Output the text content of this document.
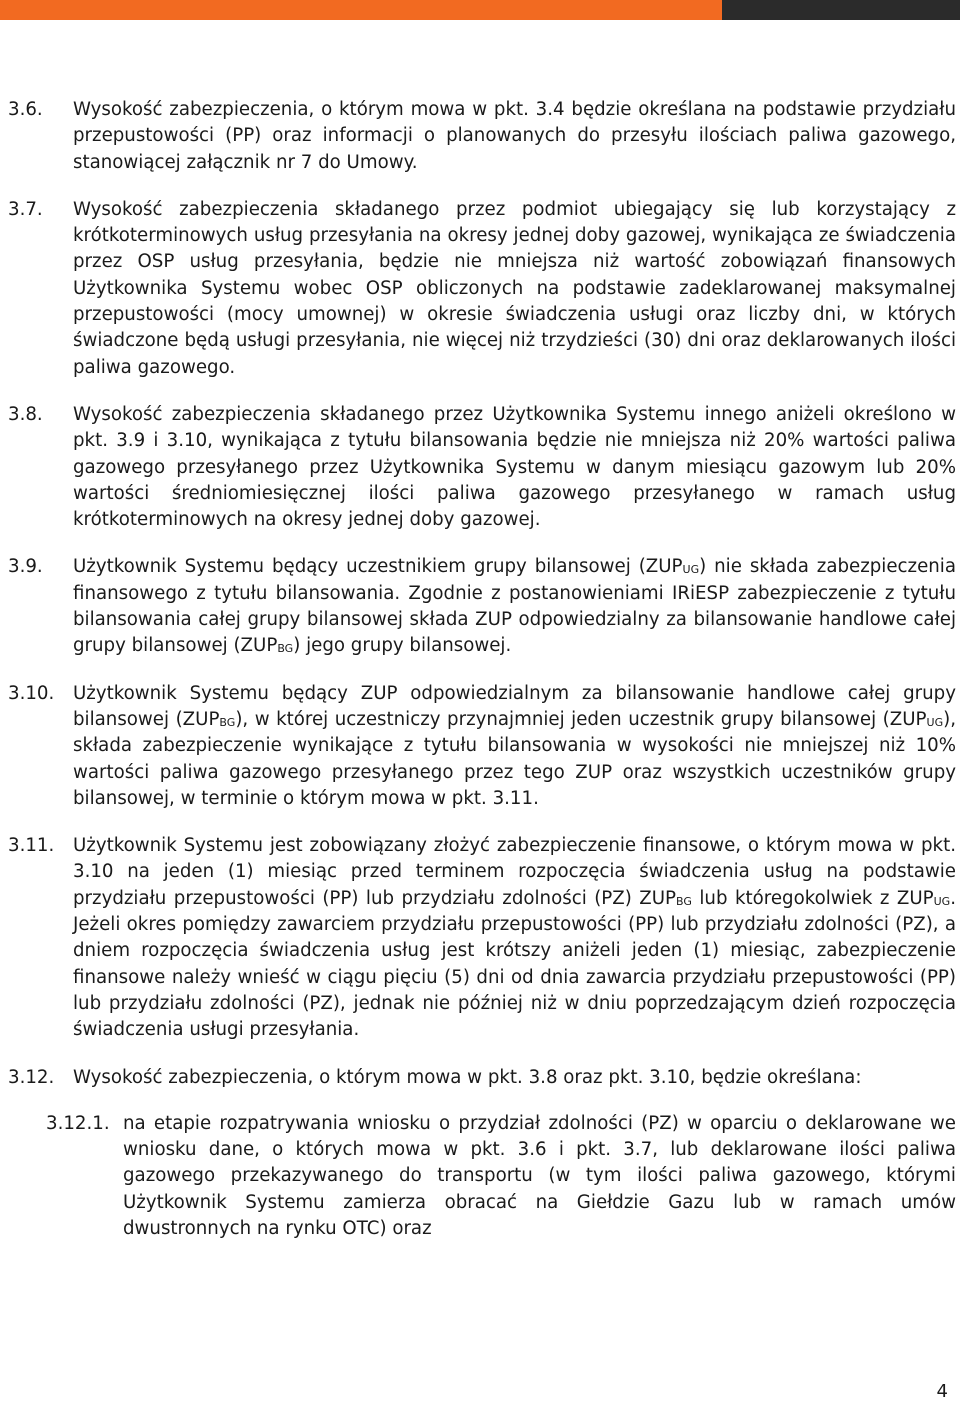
3.6.	Wysokość zabezpieczenia, o którym mowa w pkt. 3.4 będzie określana na podstawie przydziału przepustowości (PP) oraz informacji o planowanych do przesyłu ilościach paliwa gazowego, stanowiącej załącznik nr 7 do Umowy.
3.7.	Wysokość zabezpieczenia składanego przez podmiot ubiegający się lub korzystający z krótkoterminowych usług przesyłania na okresy jednej doby gazowej, wynikająca ze świadczenia przez OSP usług przesyłania, będzie nie mniejsza niż wartość zobowiązań finansowych Użytkownika Systemu wobec OSP obliczonych na podstawie zadeklarowanej maksymalnej przepustowości (mocy umownej) w okresie świadczenia usługi oraz liczby dni, w których świadczone będą usługi przesyłania, nie więcej niż trzydzieści (30) dni oraz deklarowanych ilości paliwa gazowego.
3.8.	Wysokość zabezpieczenia składanego przez Użytkownika Systemu innego aniżeli określono w pkt. 3.9 i 3.10, wynikająca z tytułu bilansowania będzie nie mniejsza niż 20% wartości paliwa gazowego przesyłanego przez Użytkownika Systemu w danym miesiącu gazowym lub 20% wartości średniomiesięcznej ilości paliwa gazowego przesyłanego w ramach usług krótkoterminowych na okresy jednej doby gazowej.
3.9.	Użytkownik Systemu będący uczestnikiem grupy bilansowej $(ZUP_{UG})$ nie składa zabezpieczenia finansowego z tytułu bilansowania. Zgodnie z postanowieniami IRiESP zabezpieczenie z tytułu bilansowania całej grupy bilansowej składa ZUP odpowiedzialny za bilansowanie handlowe całej grupy bilansowej $(ZUP_{BG})$ jego grupy bilansowej.
3.10.	Użytkownik Systemu będący ZUP odpowiedzialnym za bilansowanie handlowe całej grupy bilansowej $(ZUP_{BG})$, w której uczestniczy przynajmniej jeden uczestnik grupy bilansowej $(ZUP_{UG})$, składa zabezpieczenie wynikające z tytułu bilansowania w wysokości nie mniejszej niż 10% wartości paliwa gazowego przesyłanego przez tego ZUP oraz wszystkich uczestników grupy bilansowej, w terminie o którym mowa w pkt. 3.11.
3.11.	Użytkownik Systemu jest zobowiązany złożyć zabezpieczenie finansowe, o którym mowa w pkt. 3.10 na jeden (1) miesiąc przed terminem rozpoczęcia świadczenia usług na podstawie przydziału przepustowości (PP) lub przydziału zdolności (PZ) $ZUP_{BG}$ lub któregokolwiek z $ZUP_{UG}$. Jeżeli okres pomiędzy zawarciem przydziału przepustowości (PP) lub przydziału zdolności (PZ), a dniem rozpoczęcia świadczenia usług jest krótszy aniżeli jeden (1) miesiąc, zabezpieczenie finansowe należy wnieść w ciągu pięciu (5) dni od dnia zawarcia przydziału przepustowości (PP) lub przydziału zdolności (PZ), jednak nie później niż w dniu poprzedzającym dzień rozpoczęcia świadczenia usługi przesyłania.
3.12.	Wysokość zabezpieczenia, o którym mowa w pkt. 3.8 oraz pkt. 3.10, będzie określana:
3.12.1. na etapie rozpatrywania wniosku o przydział zdolności (PZ) w oparciu o deklarowane we wniosku dane, o których mowa w pkt. 3.6 i pkt. 3.7, lub deklarowane ilości paliwa gazowego przekazywanego do transportu (w tym ilości paliwa gazowego, którymi Użytkownik Systemu zamierza obracać na Giełdzie Gazu lub w ramach umów dwustronnych na rynku OTC) oraz
4
